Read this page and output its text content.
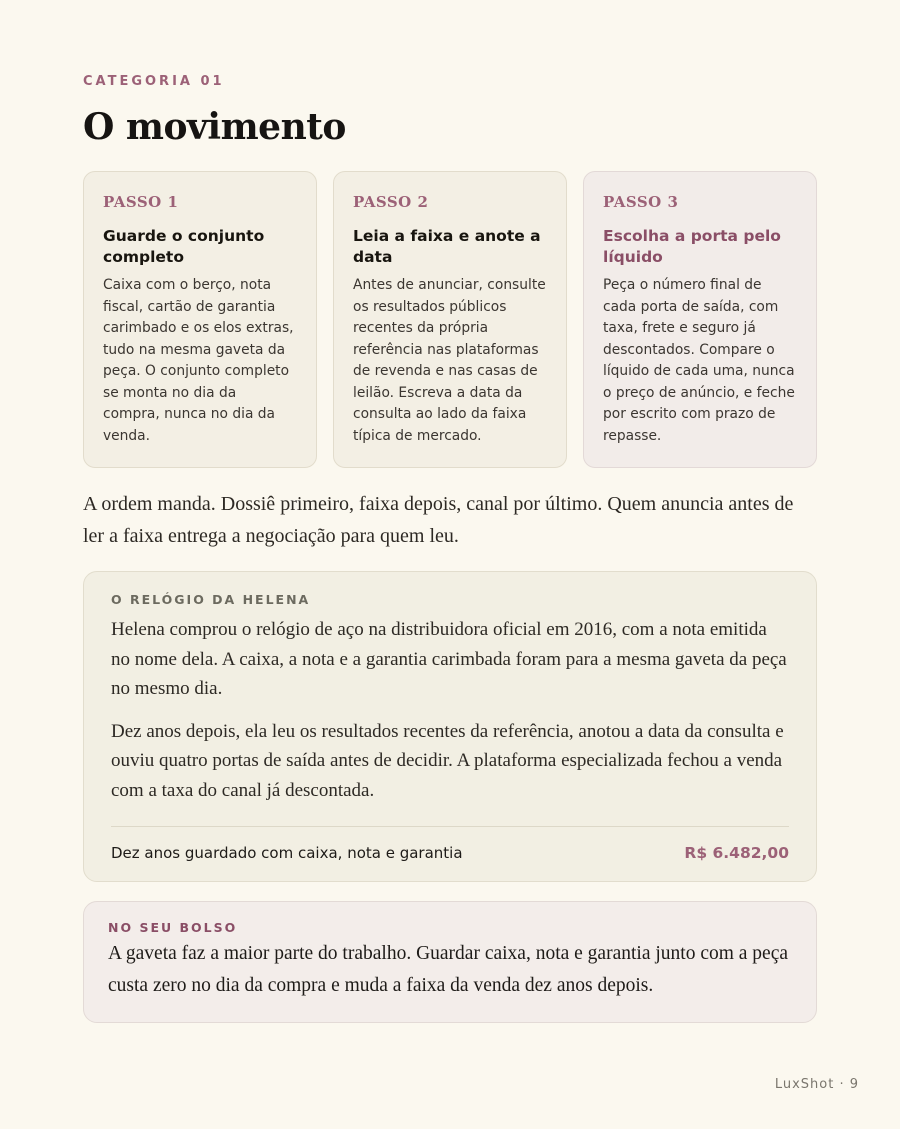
CATEGORIA 01
O movimento
PASSO 1
Guarde o conjunto completo
Caixa com o berço, nota fiscal, cartão de garantia carimbado e os elos extras, tudo na mesma gaveta da peça. O conjunto completo se monta no dia da compra, nunca no dia da venda.
PASSO 2
Leia a faixa e anote a data
Antes de anunciar, consulte os resultados públicos recentes da própria referência nas plataformas de revenda e nas casas de leilão. Escreva a data da consulta ao lado da faixa típica de mercado.
PASSO 3
Escolha a porta pelo líquido
Peça o número final de cada porta de saída, com taxa, frete e seguro já descontados. Compare o líquido de cada uma, nunca o preço de anúncio, e feche por escrito com prazo de repasse.

A ordem manda. Dossiê primeiro, faixa depois, canal por último. Quem anuncia antes de ler a faixa entrega a negociação para quem leu.

O RELÓGIO DA HELENA

Helena comprou o relógio de aço na distribuidora oficial em 2016, com a nota emitida no nome dela. A caixa, a nota e a garantia carimbada foram para a mesma gaveta da peça no mesmo dia.

Dez anos depois, ela leu os resultados recentes da referência, anotou a data da consulta e ouviu quatro portas de saída antes de decidir. A plataforma especializada fechou a venda com a taxa do canal já descontada.

Dez anos guardado com caixa, nota e garantia	R$ 6.482,00
NO SEU BOLSO

A gaveta faz a maior parte do trabalho. Guardar caixa, nota e garantia junto com a peça custa zero no dia da compra e muda a faixa da venda dez anos depois.

LuxShot · 9
